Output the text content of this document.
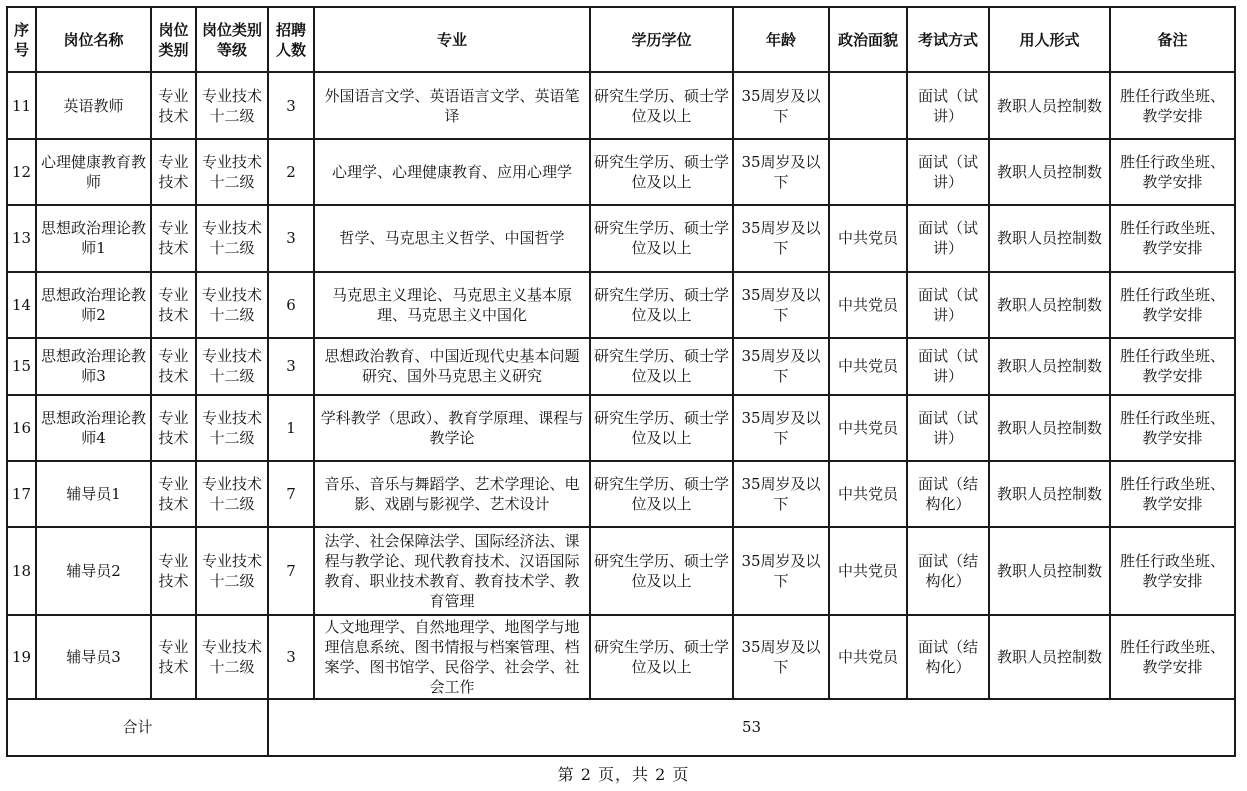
序号	岗位名称	岗位类别	岗位类别等级	招聘人数	专业	学历学位	年龄	政治面貌	考试方式	用人形式	备注
11	英语教师	专业技术	专业技术十二级	3	外国语言文学、英语语言文学、英语笔译	研究生学历、硕士学位及以上	35周岁及以下		面试（试讲）	教职人员控制数	胜任行政坐班、教学安排
12	心理健康教育教师	专业技术	专业技术十二级	2	心理学、心理健康教育、应用心理学	研究生学历、硕士学位及以上	35周岁及以下		面试（试讲）	教职人员控制数	胜任行政坐班、教学安排
13	思想政治理论教师1	专业技术	专业技术十二级	3	哲学、马克思主义哲学、中国哲学	研究生学历、硕士学位及以上	35周岁及以下	中共党员	面试（试讲）	教职人员控制数	胜任行政坐班、教学安排
14	思想政治理论教师2	专业技术	专业技术十二级	6	马克思主义理论、马克思主义基本原理、马克思主义中国化	研究生学历、硕士学位及以上	35周岁及以下	中共党员	面试（试讲）	教职人员控制数	胜任行政坐班、教学安排
15	思想政治理论教师3	专业技术	专业技术十二级	3	思想政治教育、中国近现代史基本问题研究、国外马克思主义研究	研究生学历、硕士学位及以上	35周岁及以下	中共党员	面试（试讲）	教职人员控制数	胜任行政坐班、教学安排
16	思想政治理论教师4	专业技术	专业技术十二级	1	学科教学（思政）、教育学原理、课程与教学论	研究生学历、硕士学位及以上	35周岁及以下	中共党员	面试（试讲）	教职人员控制数	胜任行政坐班、教学安排
17	辅导员1	专业技术	专业技术十二级	7	音乐、音乐与舞蹈学、艺术学理论、电影、戏剧与影视学、艺术设计	研究生学历、硕士学位及以上	35周岁及以下	中共党员	面试（结构化）	教职人员控制数	胜任行政坐班、教学安排
18	辅导员2	专业技术	专业技术十二级	7	法学、社会保障法学、国际经济法、课程与教学论、现代教育技术、汉语国际教育、职业技术教育、教育技术学、教育管理	研究生学历、硕士学位及以上	35周岁及以下	中共党员	面试（结构化）	教职人员控制数	胜任行政坐班、教学安排
19	辅导员3	专业技术	专业技术十二级	3	人文地理学、自然地理学、地图学与地理信息系统、图书情报与档案管理、档案学、图书馆学、民俗学、社会学、社会工作	研究生学历、硕士学位及以上	35周岁及以下	中共党员	面试（结构化）	教职人员控制数	胜任行政坐班、教学安排
合计				53							
第 2 页，共 2 页
